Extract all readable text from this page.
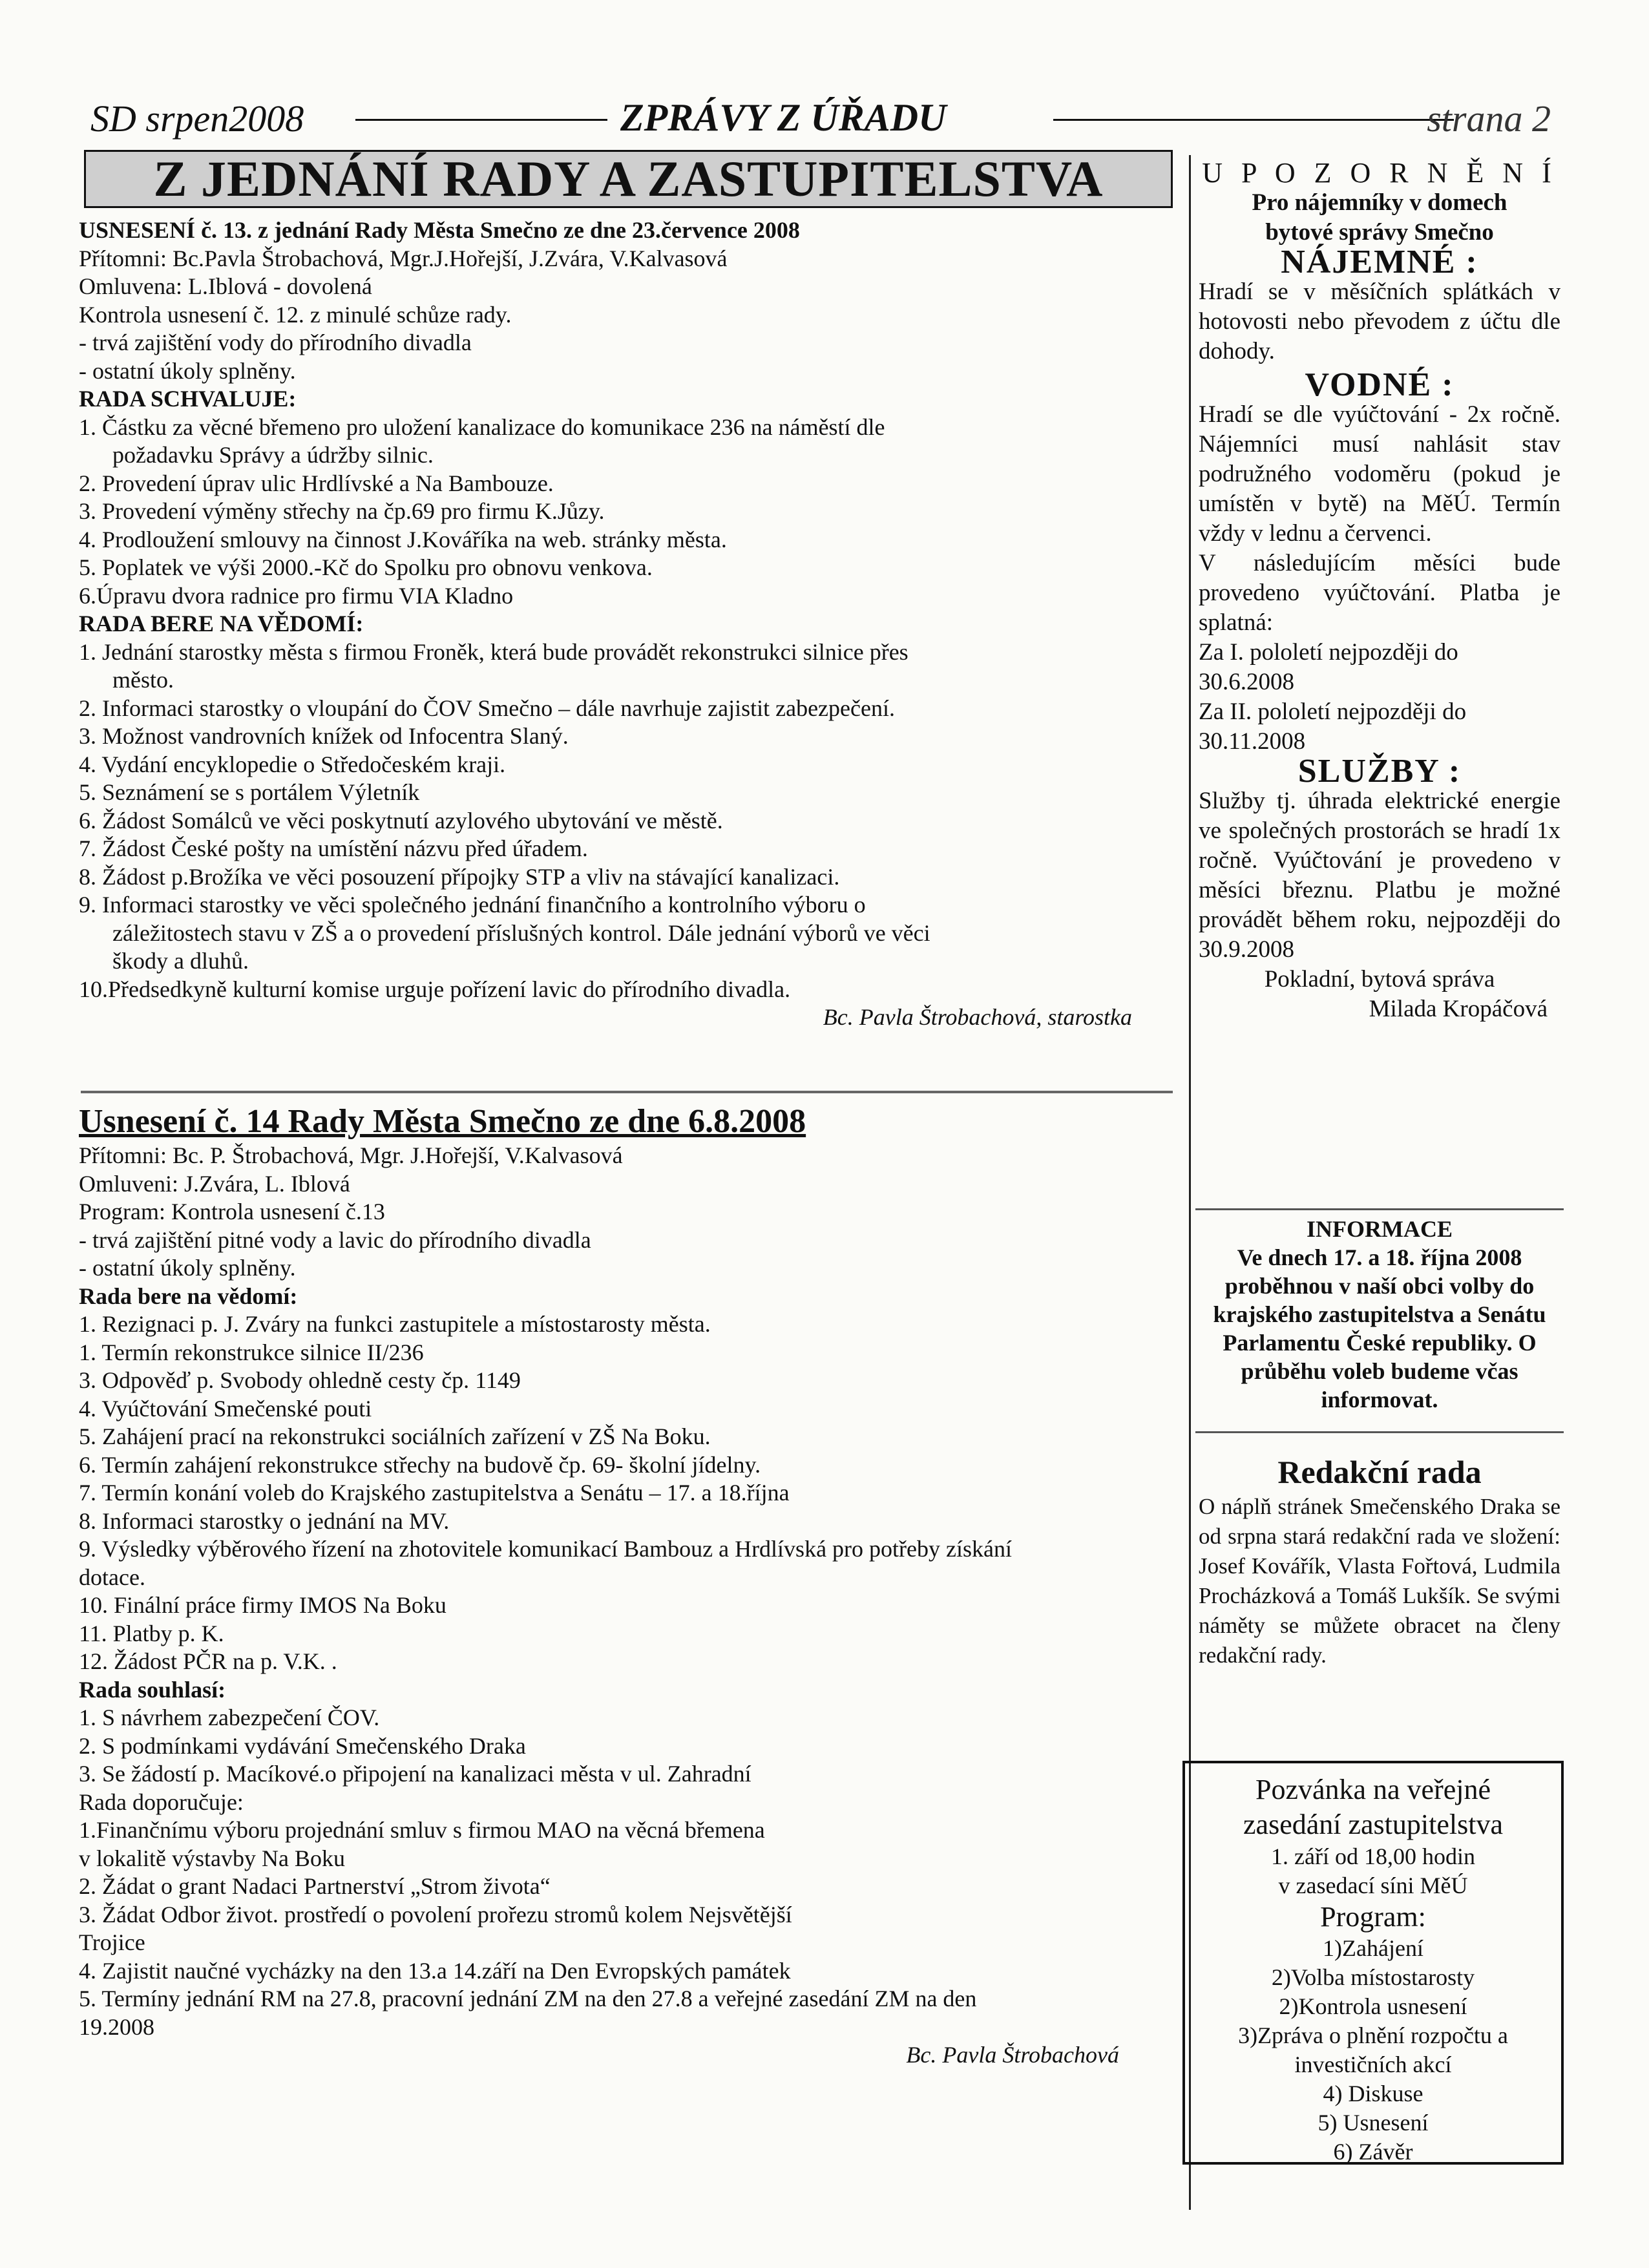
SD srpen2008	ZPRÁVY Z ÚŘADU	strana 2
Z JEDNÁNÍ RADY A ZASTUPITELSTVA

USNESENÍ č. 13. z jednání Rady Města Smečno ze dne 23.července 2008

Přítomni: Bc.Pavla Štrobachová, Mgr.J.Hořejší, J.Zvára, V.Kalvasová

Omluvena: L.Iblová - dovolená

Kontrola usnesení č. 12. z minulé schůze rady.

- trvá zajištění vody do přírodního divadla

- ostatní úkoly splněny.

RADA SCHVALUJE:

1. Částku za věcné břemeno pro uložení kanalizace do komunikace 236 na náměstí dle

požadavku Správy a údržby silnic.

2. Provedení úprav ulic Hrdlívské a Na Bambouze.

3. Provedení výměny střechy na čp.69 pro firmu K.Jůzy.

4. Prodloužení smlouvy na činnost J.Kováříka na web. stránky města.

5. Poplatek ve výši 2000.-Kč do Spolku pro obnovu venkova.

6.Úpravu dvora radnice pro firmu VIA Kladno

RADA BERE NA VĚDOMÍ:

1. Jednání starostky města s firmou Froněk, která bude provádět rekonstrukci silnice přes

město.

2. Informaci starostky o vloupání do ČOV Smečno – dále navrhuje zajistit zabezpečení.

3. Možnost vandrovních knížek od Infocentra Slaný.

4. Vydání encyklopedie o Středočeském kraji.

5. Seznámení se s portálem Výletník

6. Žádost Somálců ve věci poskytnutí azylového ubytování ve městě.

7. Žádost České pošty na umístění názvu před úřadem.

8. Žádost p.Brožíka ve věci posouzení přípojky STP a vliv na stávající kanalizaci.

9. Informaci starostky ve věci společného jednání finančního a kontrolního výboru o

záležitostech stavu v ZŠ a o provedení příslušných kontrol. Dále jednání výborů ve věci

škody a dluhů.

10.Předsedkyně kulturní komise urguje pořízení lavic do přírodního divadla.

Bc. Pavla Štrobachová, starostka

Usnesení č. 14 Rady Města Smečno ze dne 6.8.2008

Přítomni: Bc. P. Štrobachová, Mgr. J.Hořejší, V.Kalvasová

Omluveni: J.Zvára, L. Iblová

Program: Kontrola usnesení č.13

- trvá zajištění pitné vody a lavic do přírodního divadla

- ostatní úkoly splněny.

Rada bere na vědomí:

1. Rezignaci p. J. Zváry na funkci zastupitele a místostarosty města.

1. Termín rekonstrukce silnice II/236

3. Odpověď p. Svobody ohledně cesty čp. 1149

4. Vyúčtování Smečenské pouti

5. Zahájení prací na rekonstrukci sociálních zařízení v ZŠ Na Boku.

6. Termín zahájení rekonstrukce střechy na budově čp. 69- školní jídelny.

7. Termín konání voleb do Krajského zastupitelstva a Senátu – 17. a 18.října

8. Informaci starostky o jednání na MV.

9. Výsledky výběrového řízení na zhotovitele komunikací Bambouz a Hrdlívská pro potřeby získání

dotace.

10. Finální práce firmy IMOS Na Boku

11. Platby p. K.

12. Žádost PČR na p. V.K. .

Rada souhlasí:

1. S návrhem zabezpečení ČOV.

2. S podmínkami vydávání Smečenského Draka

3. Se žádostí p. Macíkové.o připojení na kanalizaci města v ul. Zahradní

Rada doporučuje:

1.Finančnímu výboru projednání smluv s firmou MAO na věcná břemena

v lokalitě výstavby Na Boku

2. Žádat o grant Nadaci Partnerství „Strom života“

3. Žádat Odbor život. prostředí o povolení prořezu stromů kolem Nejsvětější

Trojice

4. Zajistit naučné vycházky na den 13.a 14.září na Den Evropských památek

5. Termíny jednání RM na 27.8, pracovní jednání ZM na den 27.8 a veřejné zasedání ZM na den

19.2008

Bc. Pavla Štrobachová

U P O Z O R N Ě N Í

Pro nájemníky v domech

bytové správy Smečno

NÁJEMNÉ :

Hradí se v měsíčních splátkách v hotovosti nebo převodem z účtu dle dohody.

VODNÉ :

Hradí se dle vyúčtování - 2x ročně. Nájemníci musí nahlásit stav podružného vodoměru (pokud je umístěn v bytě) na MěÚ. Termín vždy v lednu a červenci.

V následujícím měsíci bude provedeno vyúčtování. Platba je splatná:

Za I. pololetí nejpozději do

30.6.2008

Za II. pololetí nejpozději do

30.11.2008

SLUŽBY :

Služby tj. úhrada elektrické energie ve společných prostorách se hradí 1x ročně. Vyúčtování je provedeno v měsíci březnu. Platbu je možné provádět během roku, nejpozději do 30.9.2008

Pokladní, bytová správa

Milada Kropáčová

INFORMACE

Ve dnech 17. a 18. října 2008 proběhnou v naší obci volby do krajského zastupitelstva a Senátu Parlamentu České republiky. O průběhu voleb budeme včas informovat.

Redakční rada

O náplň stránek Smečenského Draka se od srpna stará redakční rada ve složení: Josef Kovářík, Vlasta Fořtová, Ludmila Procházková a Tomáš Lukšík. Se svými náměty se můžete obracet na členy redakční rady.

Pozvánka na veřejné

zasedání zastupitelstva

1. září od 18,00 hodin

v zasedací síni MěÚ

Program:

1)Zahájení

2)Volba místostarosty

2)Kontrola usnesení

3)Zpráva o plnění rozpočtu a

investičních akcí

4) Diskuse

5) Usnesení

6) Závěr
